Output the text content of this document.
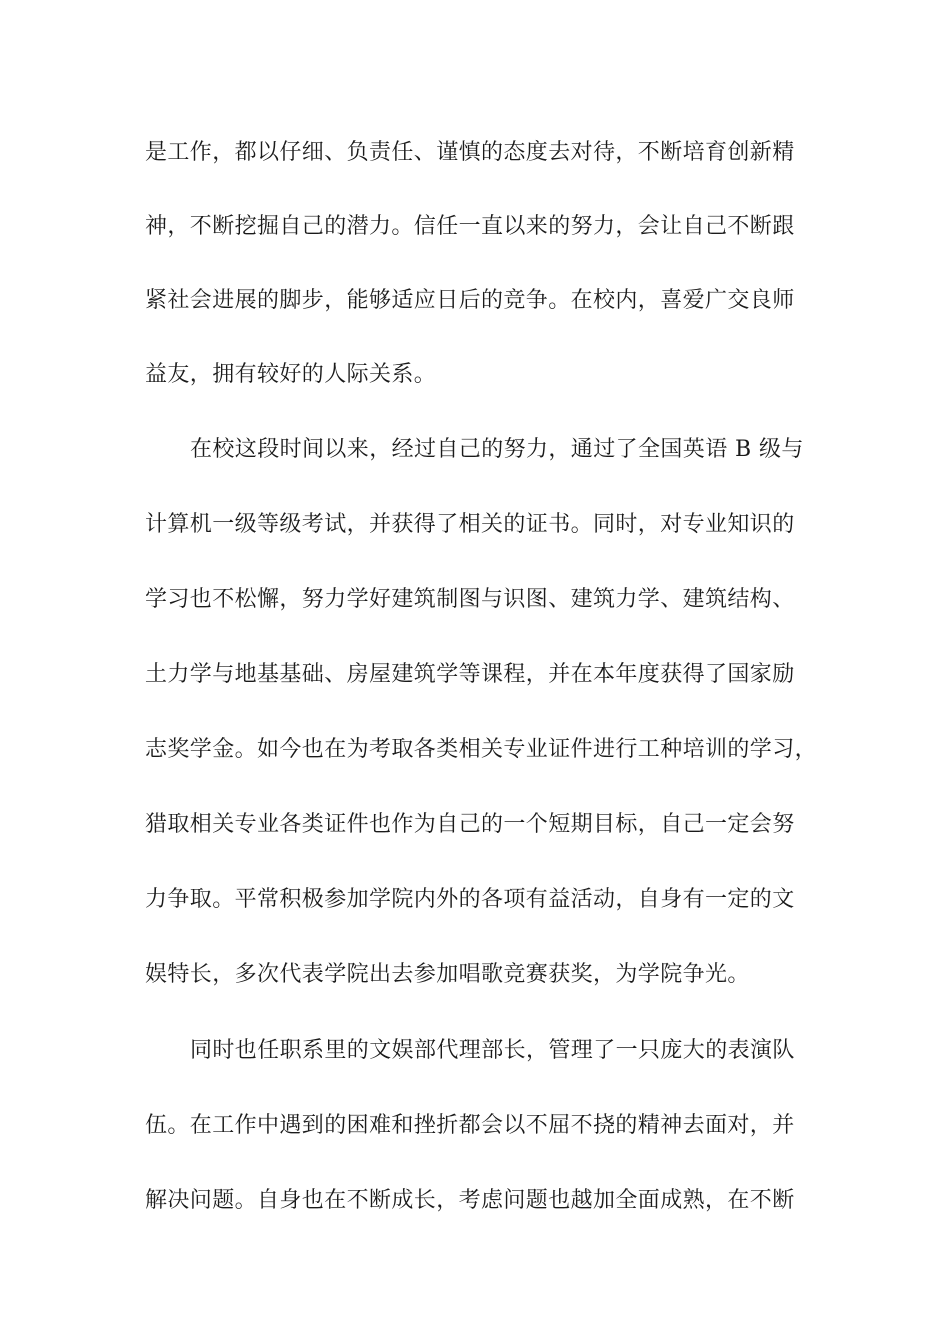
是工作，都以仔细、负责任、谨慎的态度去对待，不断培育创新精
神，不断挖掘自己的潜力。信任一直以来的努力，会让自己不断跟
紧社会进展的脚步，能够适应日后的竞争。在校内，喜爱广交良师
益友，拥有较好的人际关系。
在校这段时间以来，经过自己的努力，通过了全国英语 B 级与
计算机一级等级考试，并获得了相关的证书。同时，对专业知识的
学习也不松懈，努力学好建筑制图与识图、建筑力学、建筑结构、
土力学与地基基础、房屋建筑学等课程，并在本年度获得了国家励
志奖学金。如今也在为考取各类相关专业证件进行工种培训的学习，
猎取相关专业各类证件也作为自己的一个短期目标，自己一定会努
力争取。平常积极参加学院内外的各项有益活动，自身有一定的文
娱特长，多次代表学院出去参加唱歌竞赛获奖，为学院争光。
同时也任职系里的文娱部代理部长，管理了一只庞大的表演队
伍。在工作中遇到的困难和挫折都会以不屈不挠的精神去面对，并
解决问题。自身也在不断成长，考虑问题也越加全面成熟，在不断
